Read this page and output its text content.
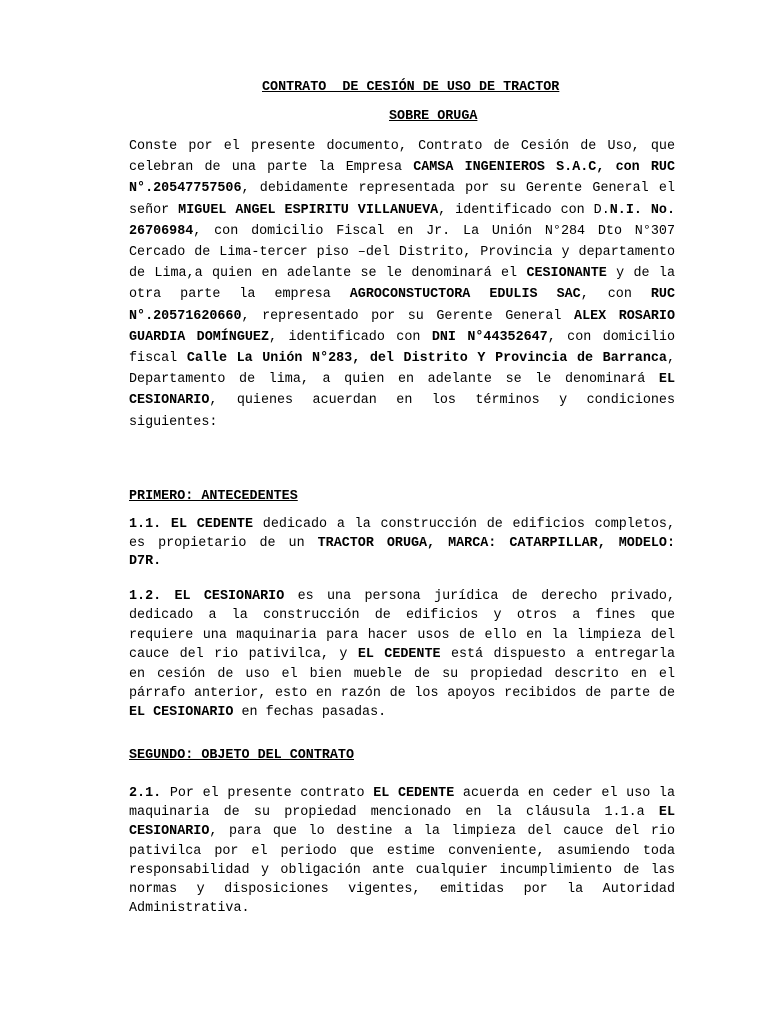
CONTRATO  DE CESIÓN DE USO DE TRACTOR
SOBRE ORUGA

Conste por el presente documento, Contrato de Cesión de Uso, que celebran de una parte la Empresa CAMSA INGENIEROS S.A.C, con RUC N°.20547757506, debidamente representada por su Gerente General el señor MIGUEL ANGEL ESPIRITU VILLANUEVA, identificado con D.N.I. No. 26706984, con domicilio Fiscal en Jr. La Unión N°284 Dto N°307 Cercado de Lima-tercer piso –del Distrito, Provincia y departamento de Lima,a quien en adelante se le denominará el CESIONANTE y de la otra parte la empresa AGROCONSTUCTORA EDULIS SAC, con RUC N°.20571620660, representado por su Gerente General ALEX ROSARIO GUARDIA DOMÍNGUEZ, identificado con DNI N°44352647, con domicilio fiscal Calle La Unión N°283, del Distrito Y Provincia de Barranca, Departamento de lima, a quien en adelante se le denominará EL CESIONARIO, quienes acuerdan en los términos y condiciones siguientes:

PRIMERO: ANTECEDENTES

1.1. EL CEDENTE dedicado a la construcción de edificios completos, es propietario de un TRACTOR ORUGA, MARCA: CATARPILLAR, MODELO: D7R.

1.2. EL CESIONARIO es una persona jurídica de derecho privado, dedicado a la construcción de edificios y otros a fines que requiere una maquinaria para hacer usos de ello en la limpieza del cauce del rio pativilca, y EL CEDENTE está dispuesto a entregarla en cesión de uso el bien mueble de su propiedad descrito en el párrafo anterior, esto en razón de los apoyos recibidos de parte de EL CESIONARIO en fechas pasadas.

SEGUNDO: OBJETO DEL CONTRATO

2.1. Por el presente contrato EL CEDENTE acuerda en ceder el uso la maquinaria de su propiedad mencionado en la cláusula 1.1.a EL CESIONARIO, para que lo destine a la limpieza del cauce del rio pativilca por el periodo que estime conveniente, asumiendo toda responsabilidad y obligación ante cualquier incumplimiento de las normas y disposiciones vigentes, emitidas por la Autoridad Administrativa.
